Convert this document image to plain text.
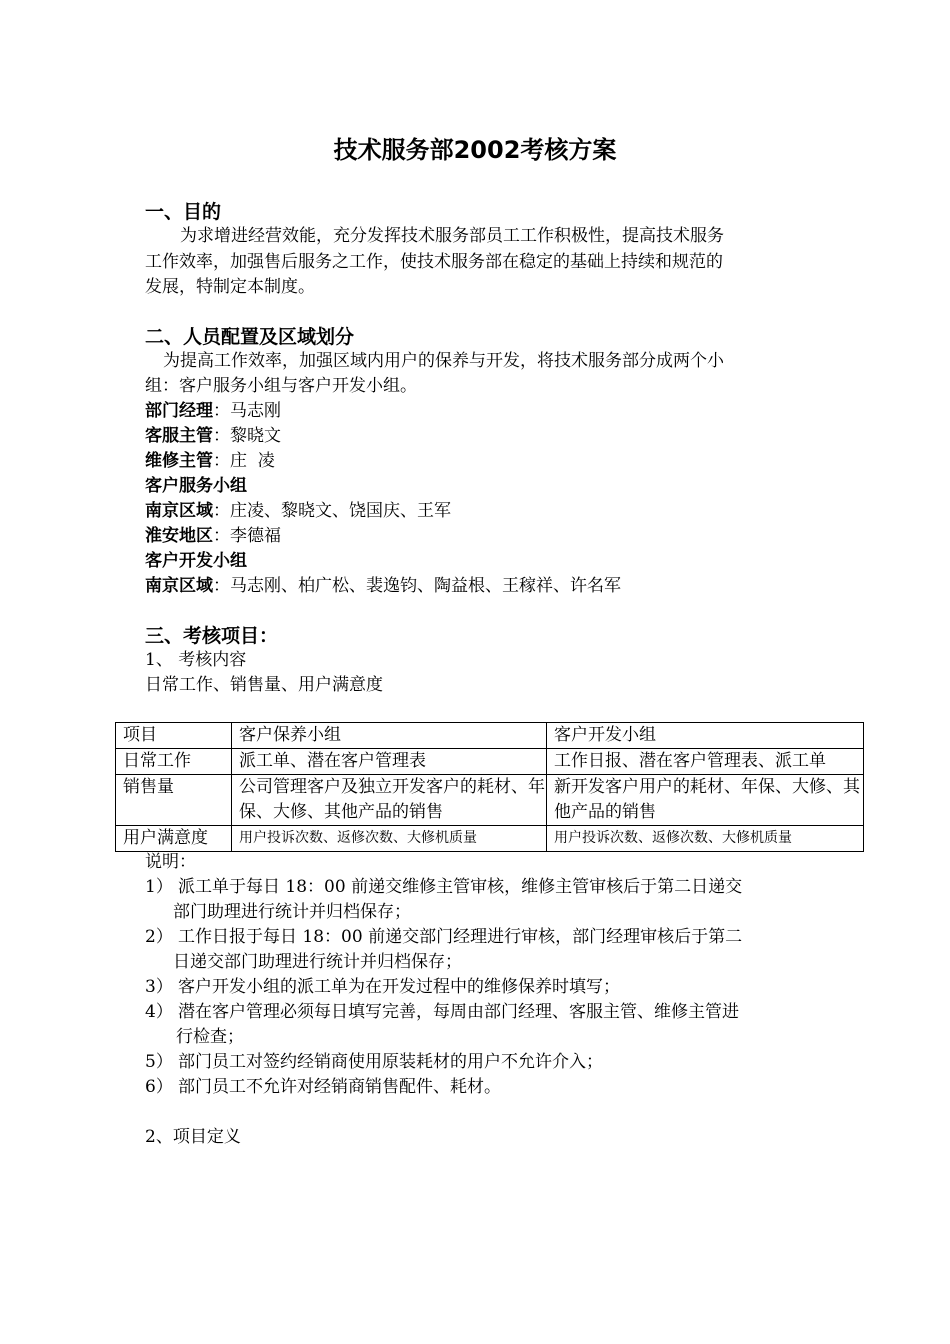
技术服务部2002考核方案
一、目的
为求增进经营效能，充分发挥技术服务部员工工作积极性，提高技术服务
工作效率，加强售后服务之工作，使技术服务部在稳定的基础上持续和规范的
发展，特制定本制度。
二、人员配置及区域划分
为提高工作效率，加强区域内用户的保养与开发，将技术服务部分成两个小
组：客户服务小组与客户开发小组。
部门经理：马志刚
客服主管：黎晓文
维修主管：庄  凌
客户服务小组
南京区域：庄凌、黎晓文、饶国庆、王军
淮安地区：李德福
客户开发小组
南京区域：马志刚、柏广松、裴逸钧、陶益根、王稼祥、许名军
三、考核项目：
1、 考核内容
日常工作、销售量、用户满意度
项目	客户保养小组	客户开发小组
日常工作	派工单、潜在客户管理表	工作日报、潜在客户管理表、派工单
销售量	公司管理客户及独立开发客户的耗材、年保、大修、其他产品的销售	新开发客户用户的耗材、年保、大修、其他产品的销售
用户满意度	用户投诉次数、返修次数、大修机质量	用户投诉次数、返修次数、大修机质量
说明：
1） 派工单于每日 18：00 前递交维修主管审核，维修主管审核后于第二日递交
部门助理进行统计并归档保存；
2） 工作日报于每日 18：00 前递交部门经理进行审核，部门经理审核后于第二
日递交部门助理进行统计并归档保存；
3） 客户开发小组的派工单为在开发过程中的维修保养时填写；
4） 潜在客户管理必须每日填写完善，每周由部门经理、客服主管、维修主管进
行检查；
5） 部门员工对签约经销商使用原装耗材的用户不允许介入；
6） 部门员工不允许对经销商销售配件、耗材。
2、项目定义
